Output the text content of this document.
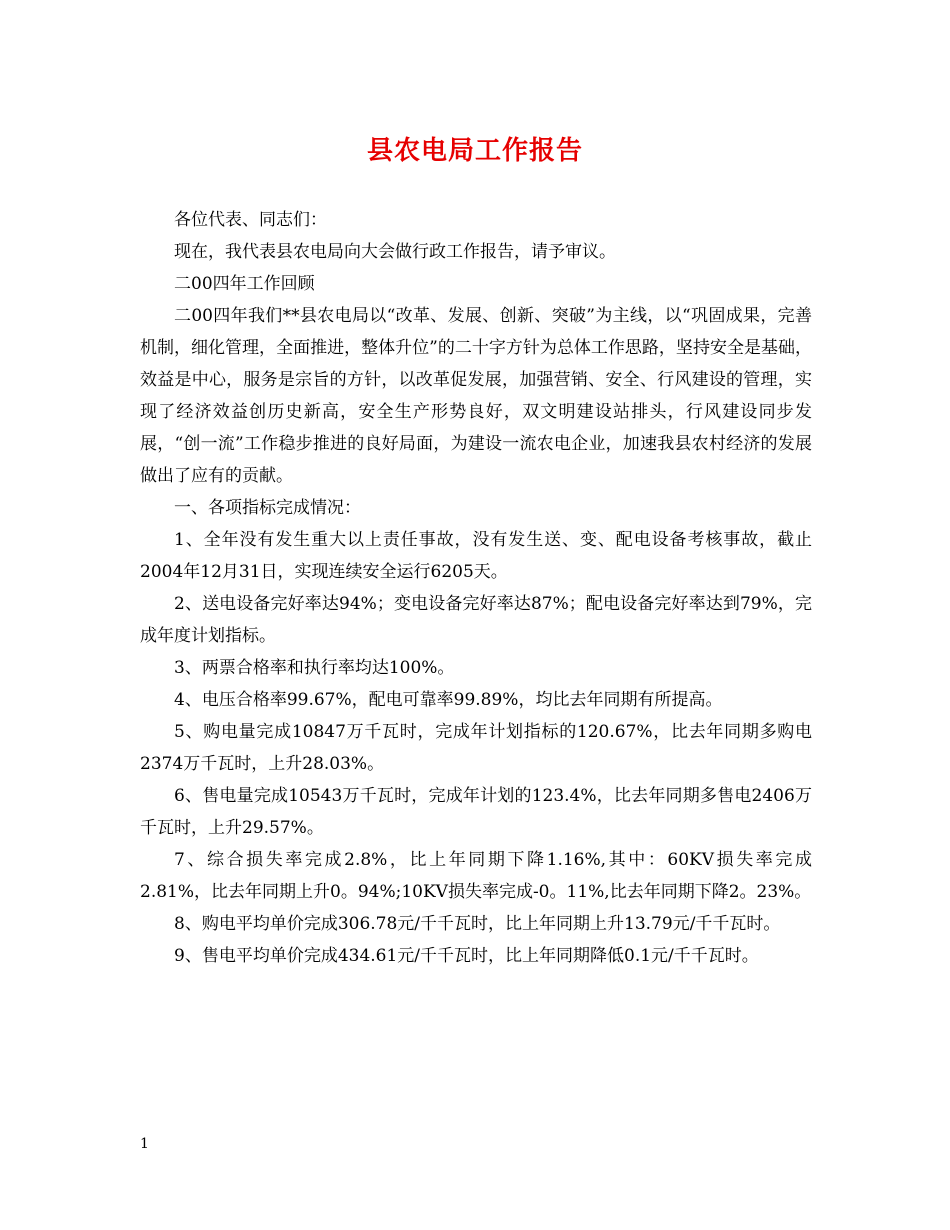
县农电局工作报告

各位代表、同志们：

现在，我代表县农电局向大会做行政工作报告，请予审议。

二00四年工作回顾

二00四年我们**县农电局以“改革、发展、创新、突破”为主线，以“巩固成果，完善机制，细化管理，全面推进，整体升位”的二十字方针为总体工作思路，坚持安全是基础，效益是中心，服务是宗旨的方针，以改革促发展，加强营销、安全、行风建设的管理，实现了经济效益创历史新高，安全生产形势良好，双文明建设站排头，行风建设同步发展，“创一流”工作稳步推进的良好局面，为建设一流农电企业，加速我县农村经济的发展做出了应有的贡献。

一、各项指标完成情况：

1、全年没有发生重大以上责任事故，没有发生送、变、配电设备考核事故，截止2004年12月31日，实现连续安全运行6205天。

2、送电设备完好率达94%；变电设备完好率达87%；配电设备完好率达到79%，完成年度计划指标。

3、两票合格率和执行率均达100%。

4、电压合格率99.67%，配电可靠率99.89%，均比去年同期有所提高。

5、购电量完成10847万千瓦时，完成年计划指标的120.67%，比去年同期多购电2374万千瓦时，上升28.03%。

6、售电量完成10543万千瓦时，完成年计划的123.4%，比去年同期多售电2406万千瓦时，上升29.57%。

7、综合损失率完成2.8%，比上年同期下降1.16%,其中：60KV损失率完成2.81%，比去年同期上升0。94%;10KV损失率完成-0。11%,比去年同期下降2。23%。

8、购电平均单价完成306.78元/千千瓦时，比上年同期上升13.79元/千千瓦时。

9、售电平均单价完成434.61元/千千瓦时，比上年同期降低0.1元/千千瓦时。

1
